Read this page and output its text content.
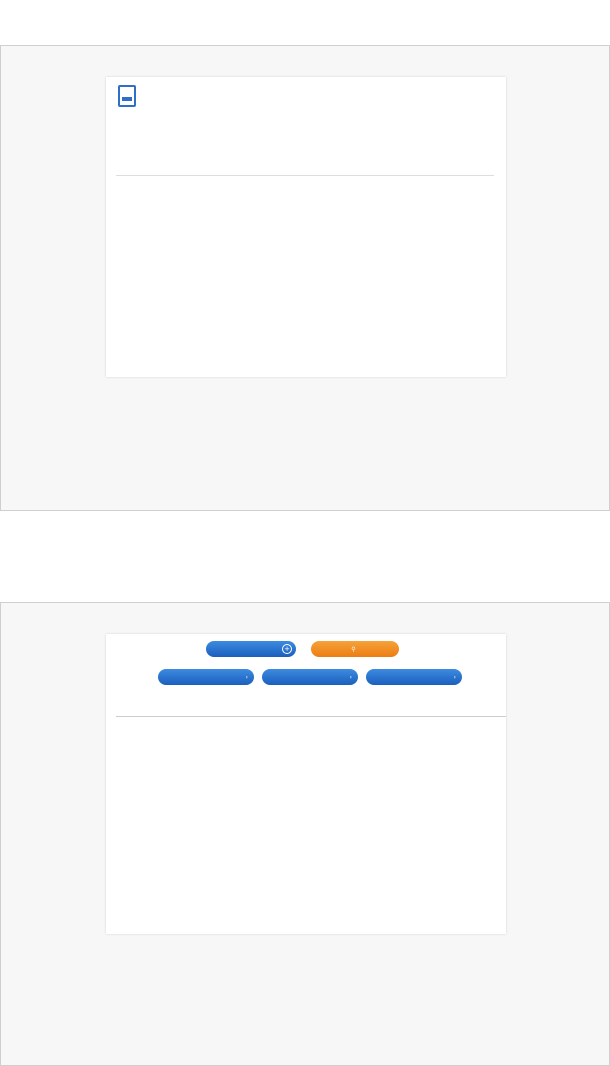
+	⚲
›	›	›
